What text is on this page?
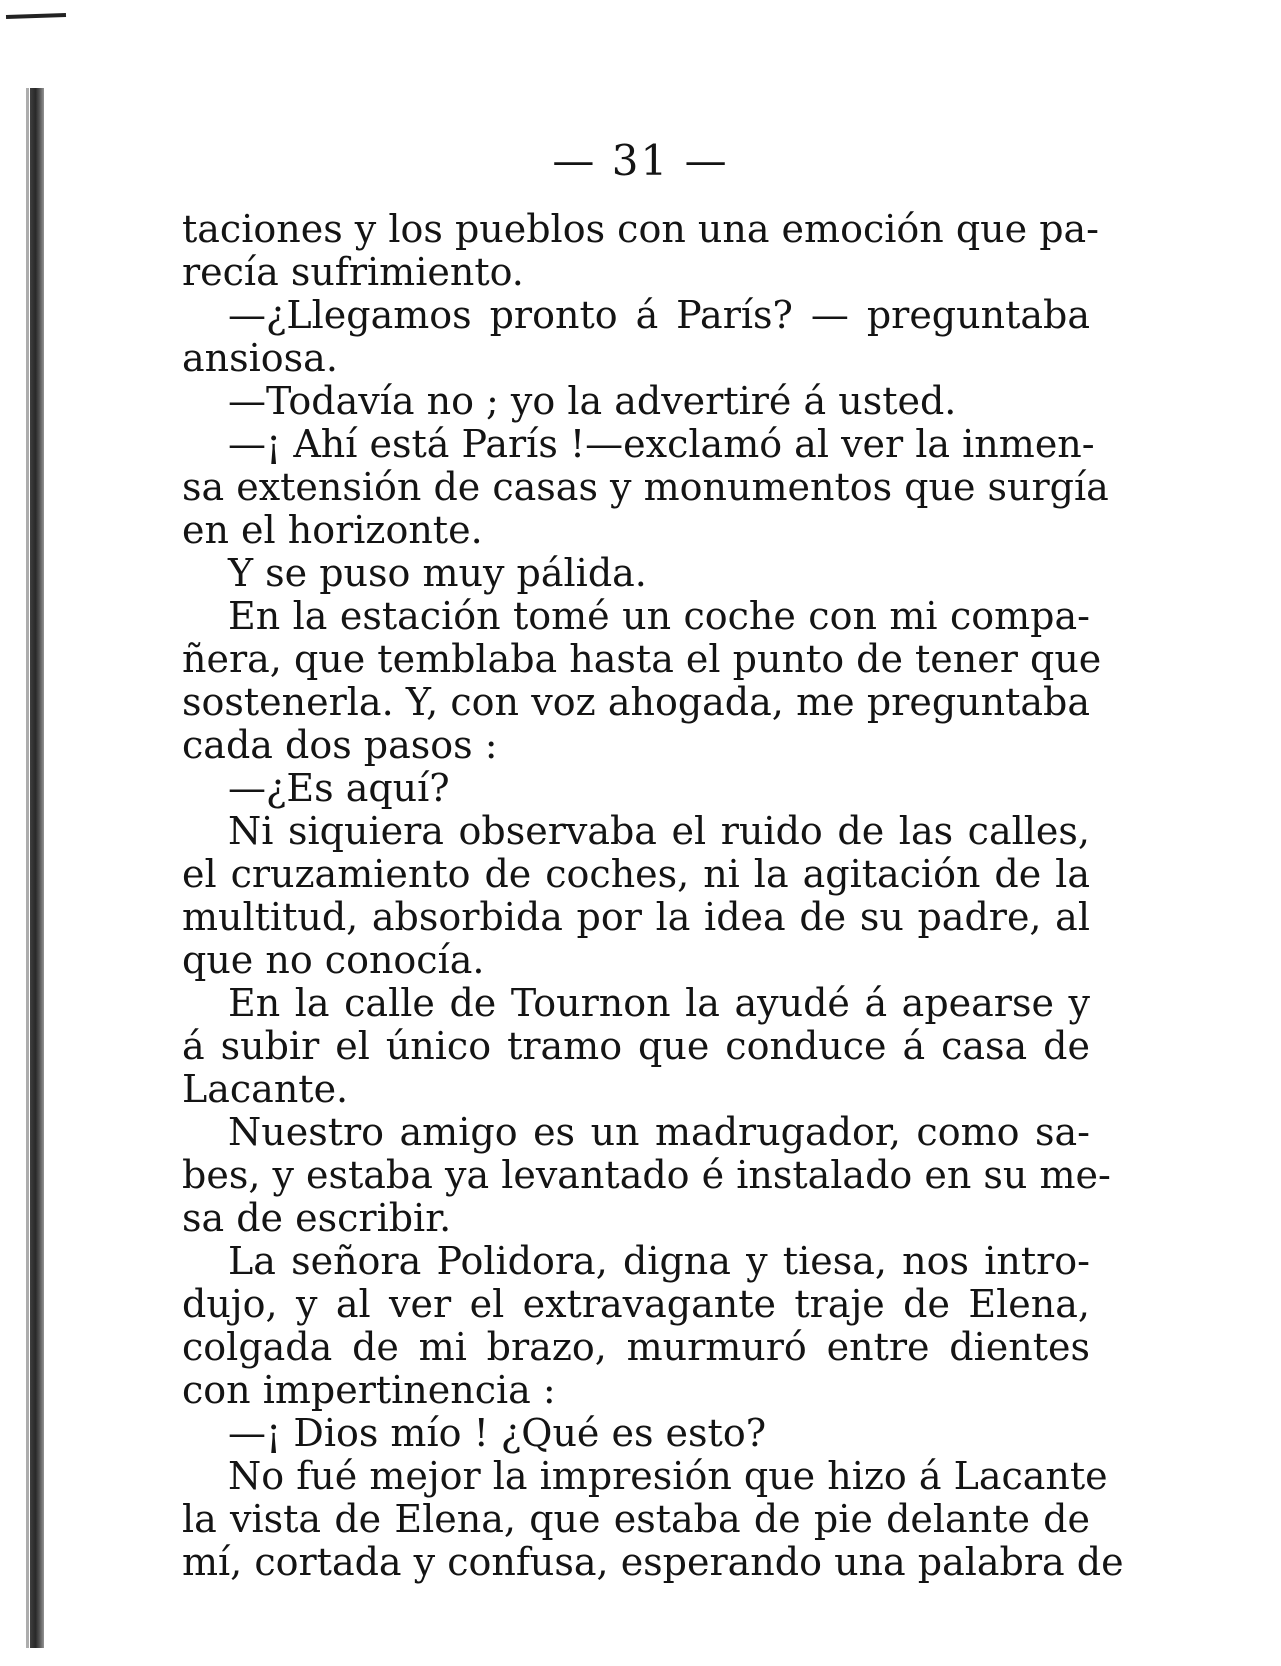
— 31 —
taciones y los pueblos con una emoción que pa-
recía sufrimiento.
—¿Llegamos pronto á París? — preguntaba
ansiosa.
—Todavía no ; yo la advertiré á usted.
—¡ Ahí está París !—exclamó al ver la inmen-
sa extensión de casas y monumentos que surgía
en el horizonte.
Y se puso muy pálida.
En la estación tomé un coche con mi compa-
ñera, que temblaba hasta el punto de tener que
sostenerla. Y, con voz ahogada, me preguntaba
cada dos pasos :
—¿Es aquí?
Ni siquiera observaba el ruido de las calles,
el cruzamiento de coches, ni la agitación de la
multitud, absorbida por la idea de su padre, al
que no conocía.
En la calle de Tournon la ayudé á apearse y
á subir el único tramo que conduce á casa de
Lacante.
Nuestro amigo es un madrugador, como sa-
bes, y estaba ya levantado é instalado en su me-
sa de escribir.
La señora Polidora, digna y tiesa, nos intro-
dujo, y al ver el extravagante traje de Elena,
colgada de mi brazo, murmuró entre dientes
con impertinencia :
—¡ Dios mío ! ¿Qué es esto?
No fué mejor la impresión que hizo á Lacante
la vista de Elena, que estaba de pie delante de
mí, cortada y confusa, esperando una palabra de
